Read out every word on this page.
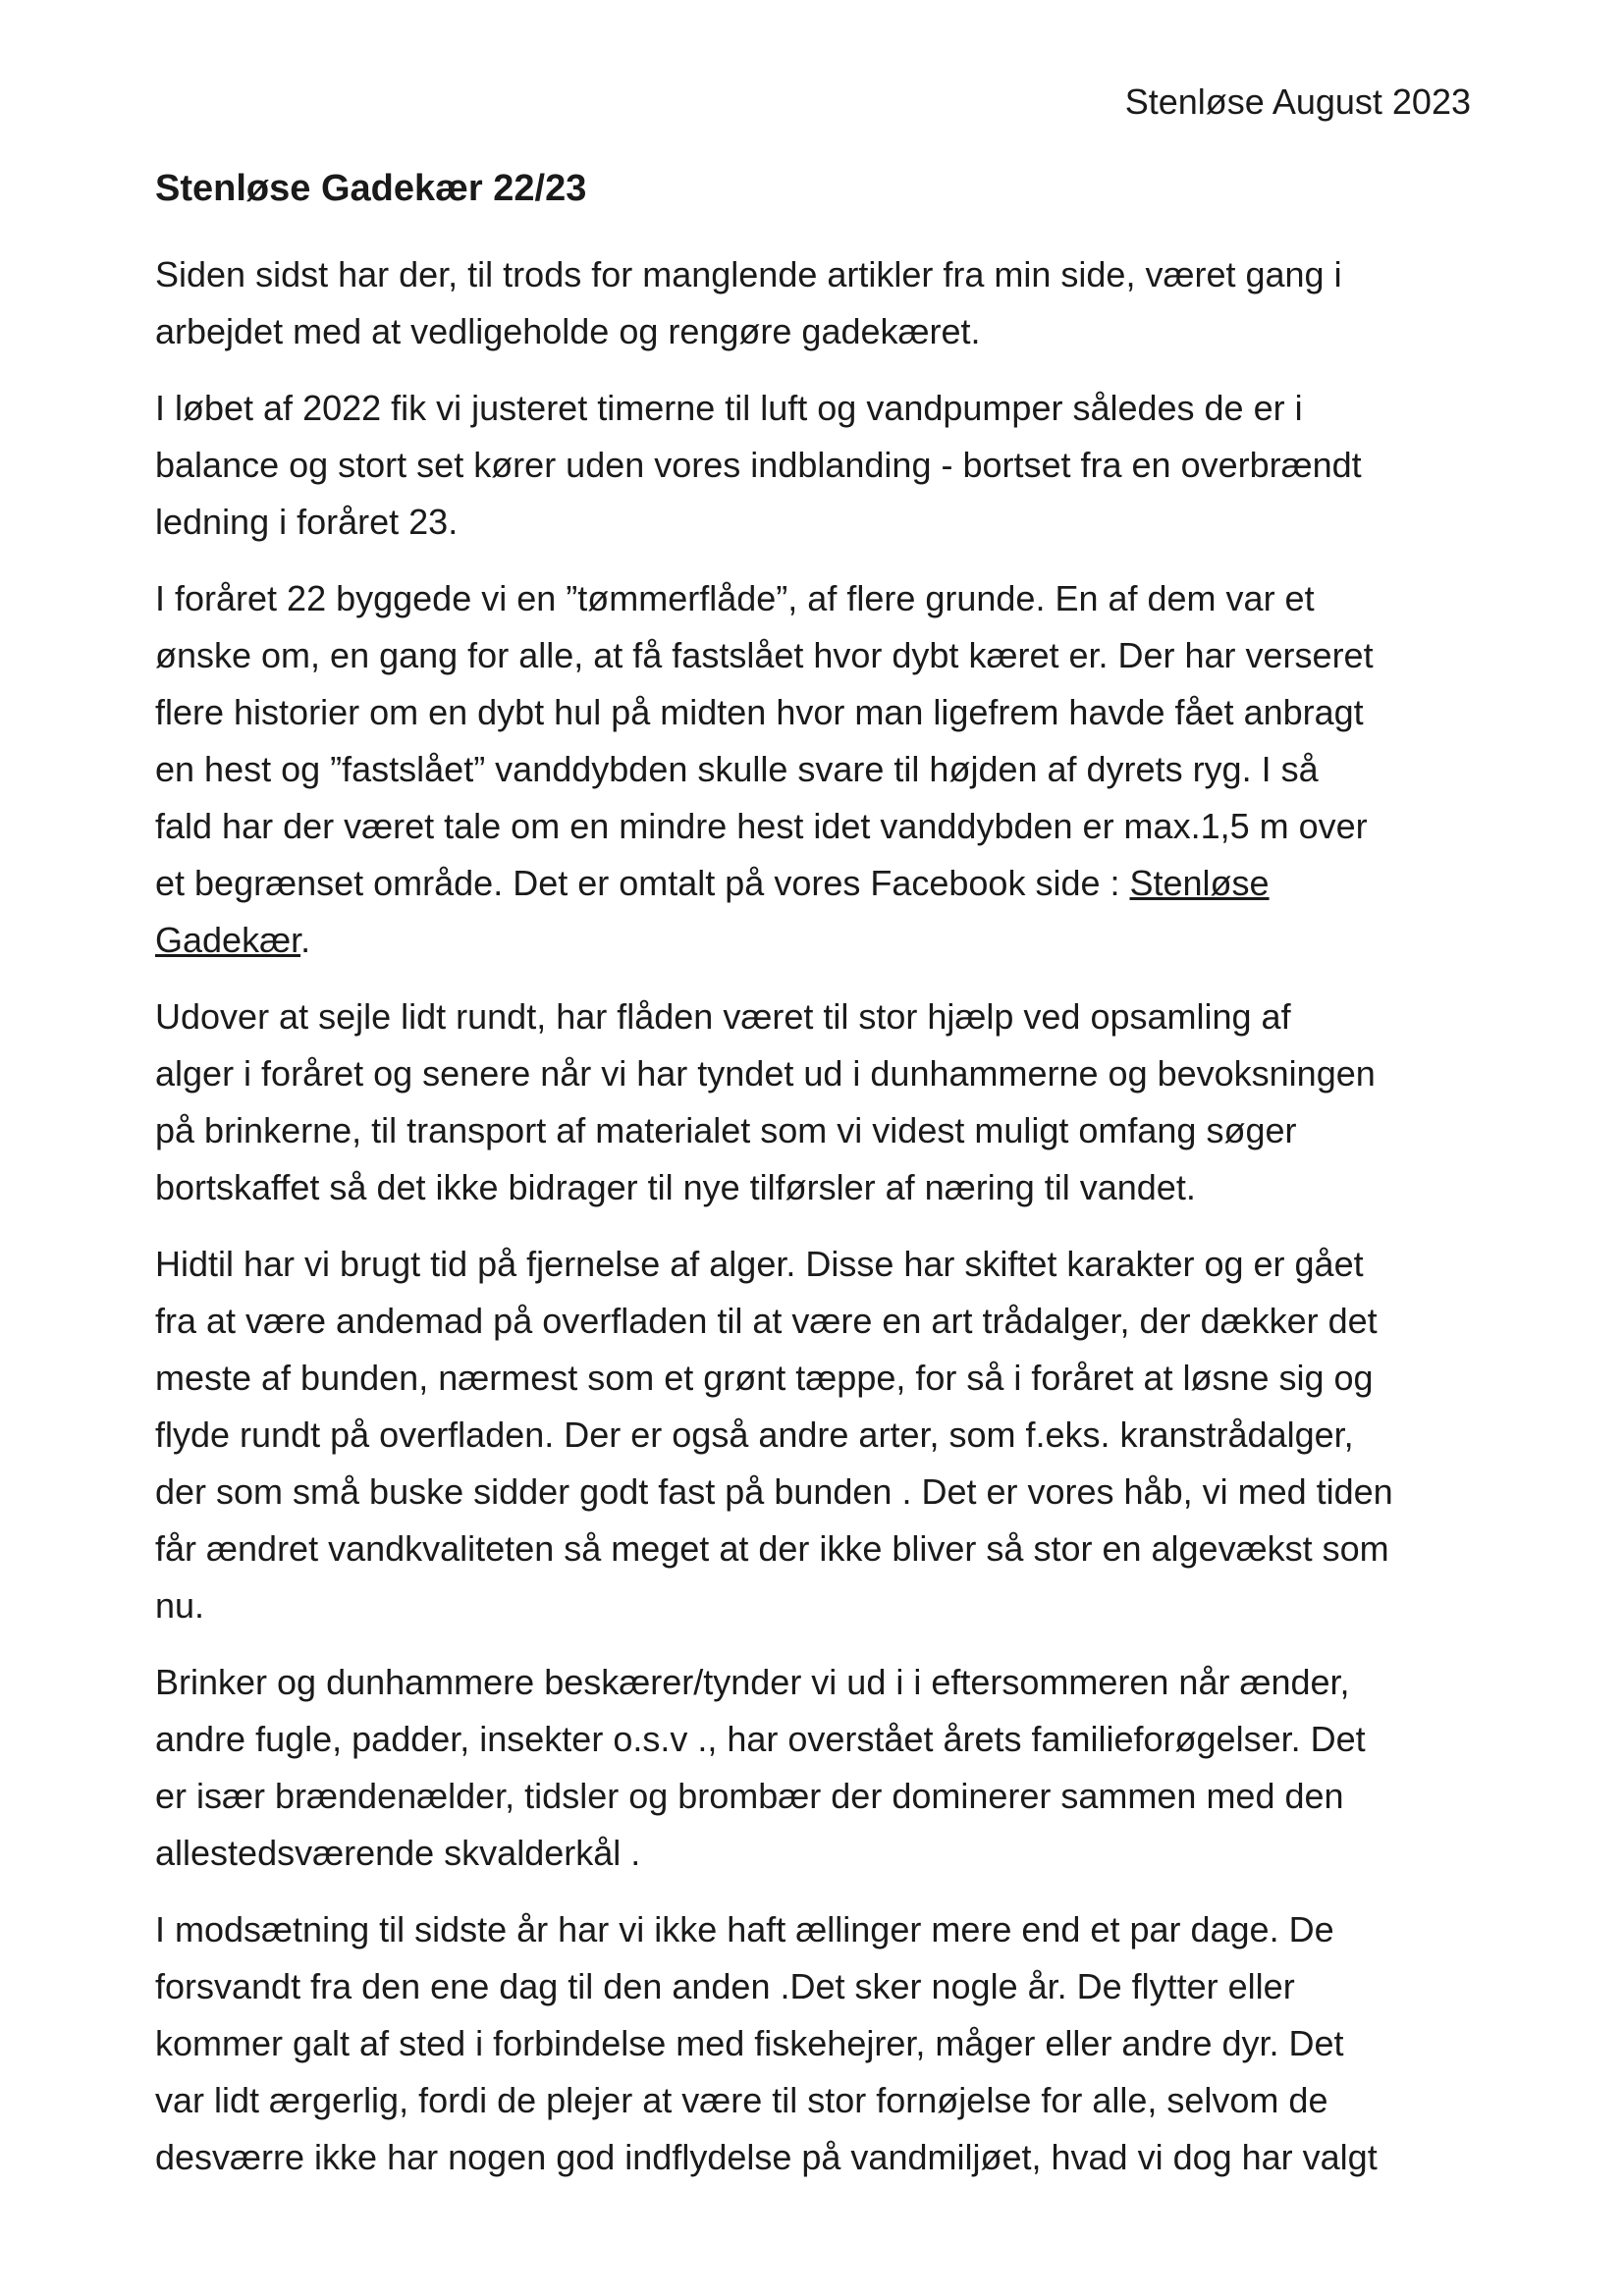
Stenløse August 2023
Stenløse Gadekær 22/23
Siden sidst har der, til trods for manglende artikler fra min side, været gang i
arbejdet med at vedligeholde og rengøre gadekæret.
I løbet af 2022 fik vi justeret timerne til luft og vandpumper således de er i
balance og stort set kører uden vores indblanding - bortset fra en overbrændt
ledning i foråret 23.
I foråret 22 byggede vi en ”tømmerflåde”, af flere grunde. En af dem var et
ønske om, en gang for alle, at få fastslået hvor dybt kæret er. Der har verseret
flere historier om en dybt hul på midten hvor man ligefrem havde fået anbragt
en hest og ”fastslået” vanddybden skulle svare til højden af dyrets ryg. I så
fald har der været tale om en mindre hest idet vanddybden er max.1,5 m over
et begrænset område. Det er omtalt på vores Facebook side : Stenløse
Gadekær.
Udover at sejle lidt rundt, har flåden været til stor hjælp ved opsamling af
alger i foråret og senere når vi har tyndet ud i dunhammerne og bevoksningen
på brinkerne, til transport af materialet som vi videst muligt omfang søger
bortskaffet så det ikke bidrager til nye tilførsler af næring til vandet.
Hidtil har vi brugt tid på fjernelse af alger. Disse har skiftet karakter og er gået
fra at være andemad på overfladen til at være en art trådalger, der dækker det
meste af bunden, nærmest som et grønt tæppe, for så i foråret at løsne sig og
flyde rundt på overfladen. Der er også andre arter, som f.eks. kranstrådalger,
der som små buske sidder godt fast på bunden . Det er vores håb, vi med tiden
får ændret vandkvaliteten så meget at der ikke bliver så stor en algevækst som
nu.
Brinker og dunhammere beskærer/tynder vi ud i i eftersommeren når ænder,
andre fugle, padder, insekter o.s.v ., har overstået årets familieforøgelser. Det
er især brændenælder, tidsler og brombær der dominerer sammen med den
allestedsværende skvalderkål .
I modsætning til sidste år har vi ikke haft ællinger mere end et par dage. De
forsvandt fra den ene dag til den anden .Det sker nogle år. De flytter eller
kommer galt af sted i forbindelse med fiskehejrer, måger eller andre dyr. Det
var lidt ærgerlig, fordi de plejer at være til stor fornøjelse for alle, selvom de
desværre ikke har nogen god indflydelse på vandmiljøet, hvad vi dog har valgt
